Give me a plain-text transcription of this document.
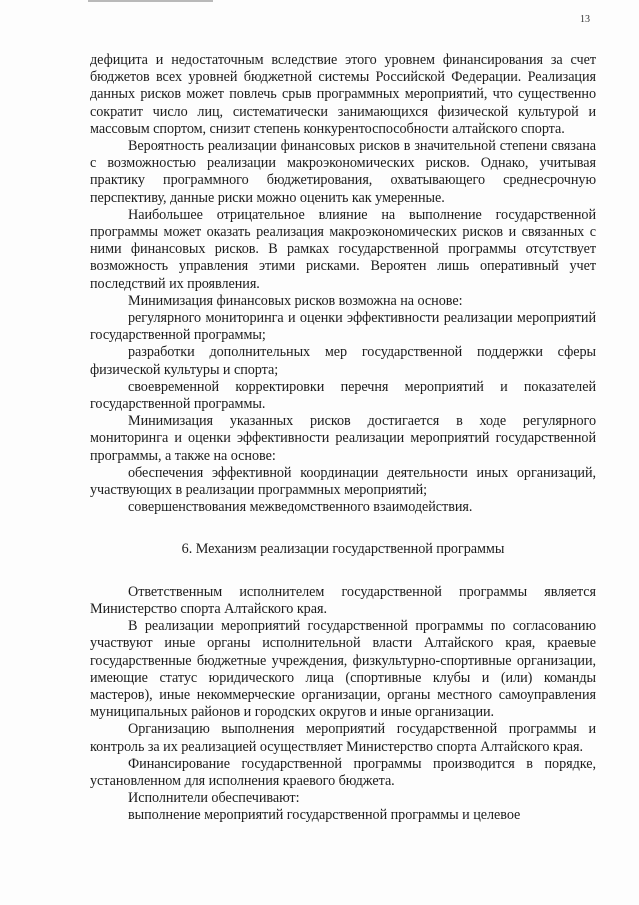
13

дефицита и недостаточным вследствие этого уровнем финансирования за счет бюджетов всех уровней бюджетной системы Российской Федерации. Реализация данных рисков может повлечь срыв программных мероприятий, что существенно сократит число лиц, систематически занимающихся физической культурой и массовым спортом, снизит степень конкурентоспособности алтайского спорта.

Вероятность реализации финансовых рисков в значительной степени связана с возможностью реализации макроэкономических рисков. Однако, учитывая практику программного бюджетирования, охватывающего среднесрочную перспективу, данные риски можно оценить как умеренные.

Наибольшее отрицательное влияние на выполнение государственной программы может оказать реализация макроэкономических рисков и связанных с ними финансовых рисков. В рамках государственной программы отсутствует возможность управления этими рисками. Вероятен лишь оперативный учет последствий их проявления.

Минимизация финансовых рисков возможна на основе:

регулярного мониторинга и оценки эффективности реализации мероприятий государственной программы;

разработки дополнительных мер государственной поддержки сферы физической культуры и спорта;

своевременной корректировки перечня мероприятий и показателей государственной программы.

Минимизация указанных рисков достигается в ходе регулярного мониторинга и оценки эффективности реализации мероприятий государственной программы, а также на основе:

обеспечения эффективной координации деятельности иных организаций, участвующих в реализации программных мероприятий;

совершенствования межведомственного взаимодействия.

6. Механизм реализации государственной программы

Ответственным исполнителем государственной программы является Министерство спорта Алтайского края.

В реализации мероприятий государственной программы по согласованию участвуют иные органы исполнительной власти Алтайского края, краевые государственные бюджетные учреждения, физкультурно-спортивные организации, имеющие статус юридического лица (спортивные клубы и (или) команды мастеров), иные некоммерческие организации, органы местного самоуправления муниципальных районов и городских округов и иные организации.

Организацию выполнения мероприятий государственной программы и контроль за их реализацией осуществляет Министерство спорта Алтайского края.

Финансирование государственной программы производится в порядке, установленном для исполнения краевого бюджета.

Исполнители обеспечивают:

выполнение мероприятий государственной программы и целевое
